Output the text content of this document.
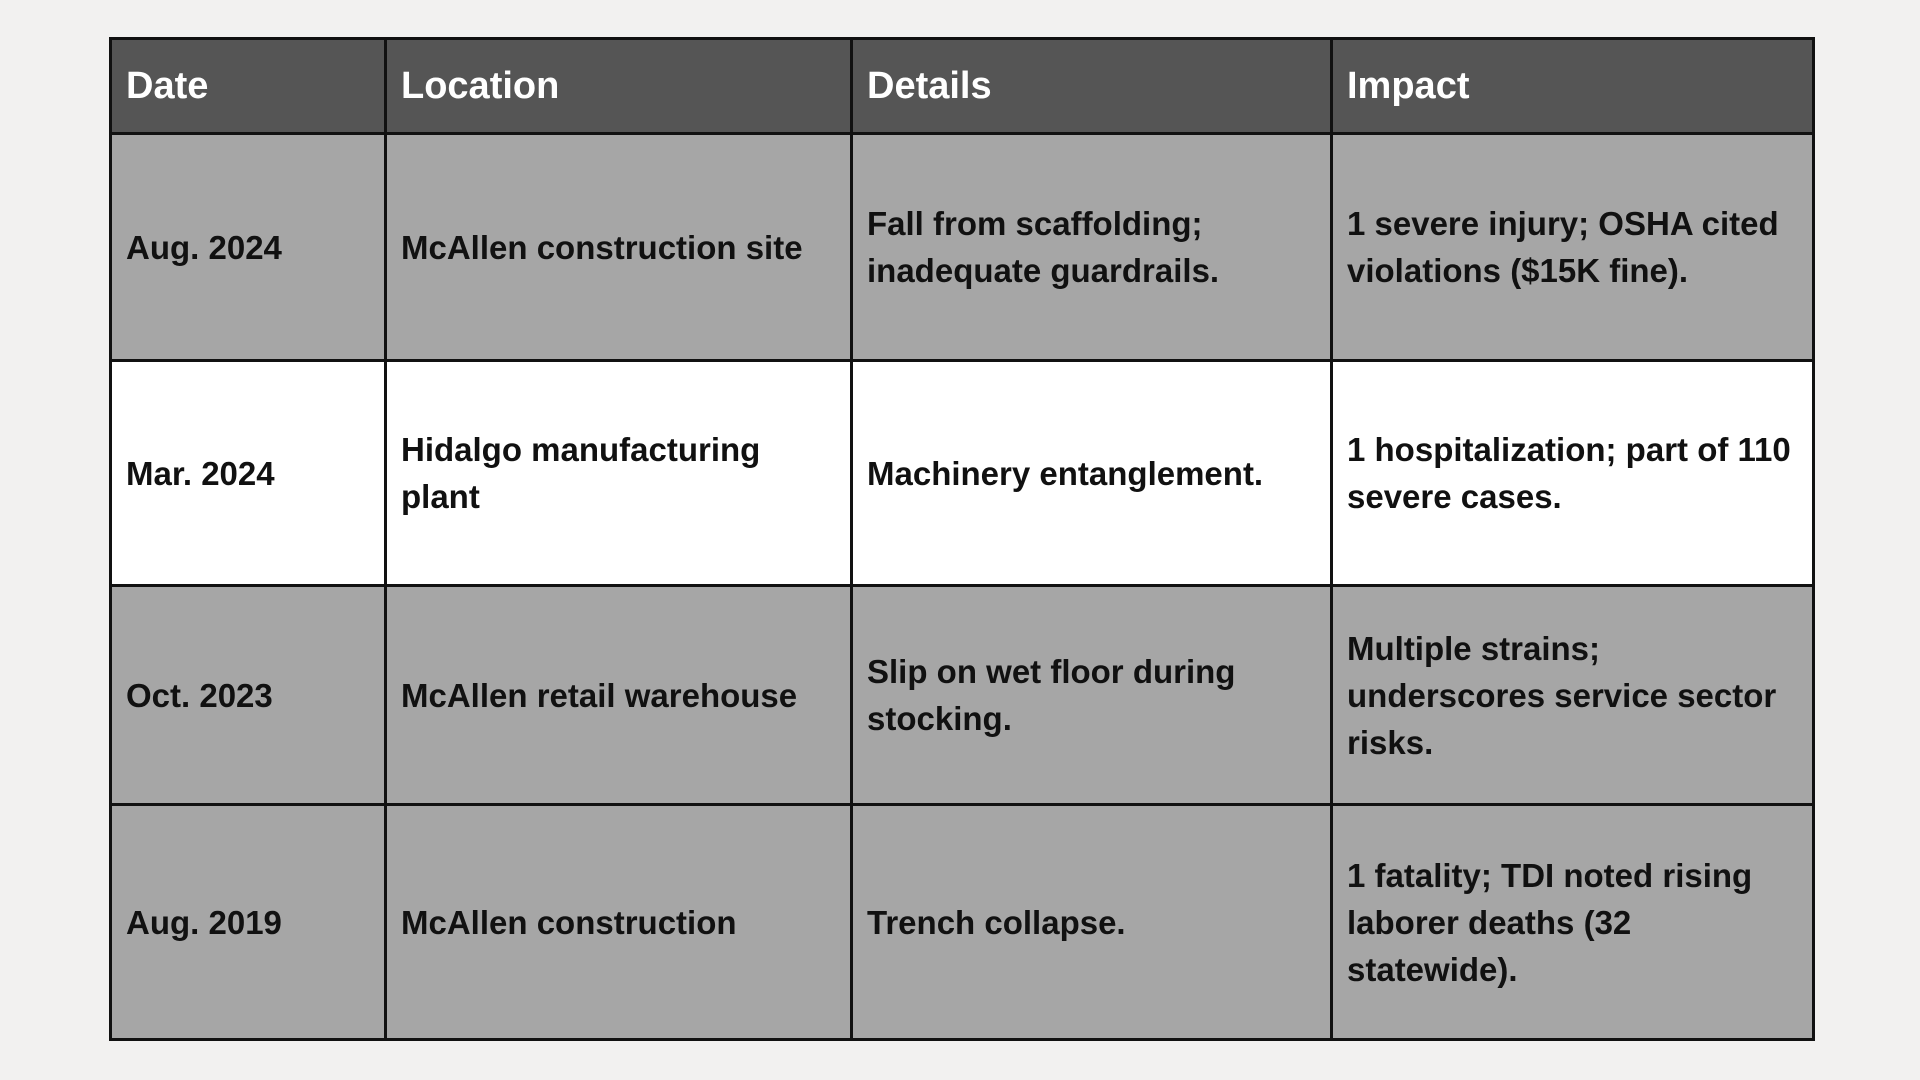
Date	Location	Details	Impact
Aug. 2024	McAllen construction site	Fall from scaffolding; inadequate guardrails.	1 severe injury; OSHA cited violations ($15K fine).
Mar. 2024	Hidalgo manufacturing plant	Machinery entanglement.	1 hospitalization; part of 110 severe cases.
Oct. 2023	McAllen retail warehouse	Slip on wet floor during stocking.	Multiple strains; underscores service sector risks.
Aug. 2019	McAllen construction	Trench collapse.	1 fatality; TDI noted rising laborer deaths (32 statewide).
